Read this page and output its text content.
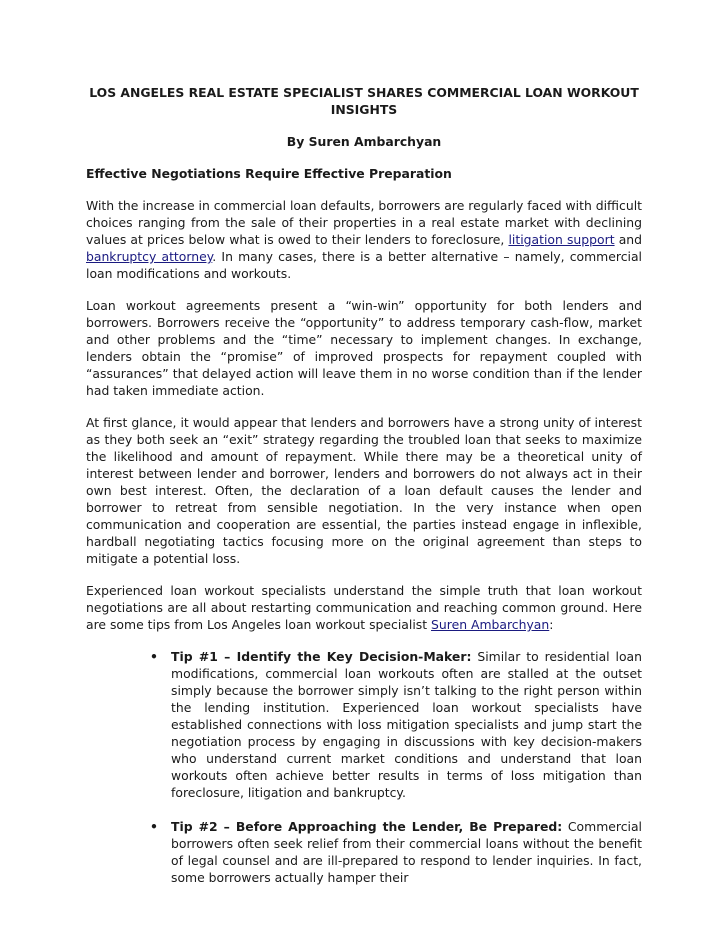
LOS ANGELES REAL ESTATE SPECIALIST SHARES COMMERCIAL LOAN WORKOUT INSIGHTS

By Suren Ambarchyan

Effective Negotiations Require Effective Preparation

With the increase in commercial loan defaults, borrowers are regularly faced with difficult choices ranging from the sale of their properties in a real estate market with declining values at prices below what is owed to their lenders to foreclosure, litigation support and bankruptcy attorney. In many cases, there is a better alternative – namely, commercial loan modifications and workouts.

Loan workout agreements present a “win-win” opportunity for both lenders and borrowers. Borrowers receive the “opportunity” to address temporary cash-flow, market and other problems and the “time” necessary to implement changes. In exchange, lenders obtain the “promise” of improved prospects for repayment coupled with “assurances” that delayed action will leave them in no worse condition than if the lender had taken immediate action.

At first glance, it would appear that lenders and borrowers have a strong unity of interest as they both seek an “exit” strategy regarding the troubled loan that seeks to maximize the likelihood and amount of repayment. While there may be a theoretical unity of interest between lender and borrower, lenders and borrowers do not always act in their own best interest. Often, the declaration of a loan default causes the lender and borrower to retreat from sensible negotiation. In the very instance when open communication and cooperation are essential, the parties instead engage in inflexible, hardball negotiating tactics focusing more on the original agreement than steps to mitigate a potential loss.

Experienced loan workout specialists understand the simple truth that loan workout negotiations are all about restarting communication and reaching common ground. Here are some tips from Los Angeles loan workout specialist Suren Ambarchyan:

• Tip #1 – Identify the Key Decision-Maker: Similar to residential loan modifications, commercial loan workouts often are stalled at the outset simply because the borrower simply isn’t talking to the right person within the lending institution. Experienced loan workout specialists have established connections with loss mitigation specialists and jump start the negotiation process by engaging in discussions with key decision-makers who understand current market conditions and understand that loan workouts often achieve better results in terms of loss mitigation than foreclosure, litigation and bankruptcy.
• Tip #2 – Before Approaching the Lender, Be Prepared: Commercial borrowers often seek relief from their commercial loans without the benefit of legal counsel and are ill-prepared to respond to lender inquiries. In fact, some borrowers actually hamper their
